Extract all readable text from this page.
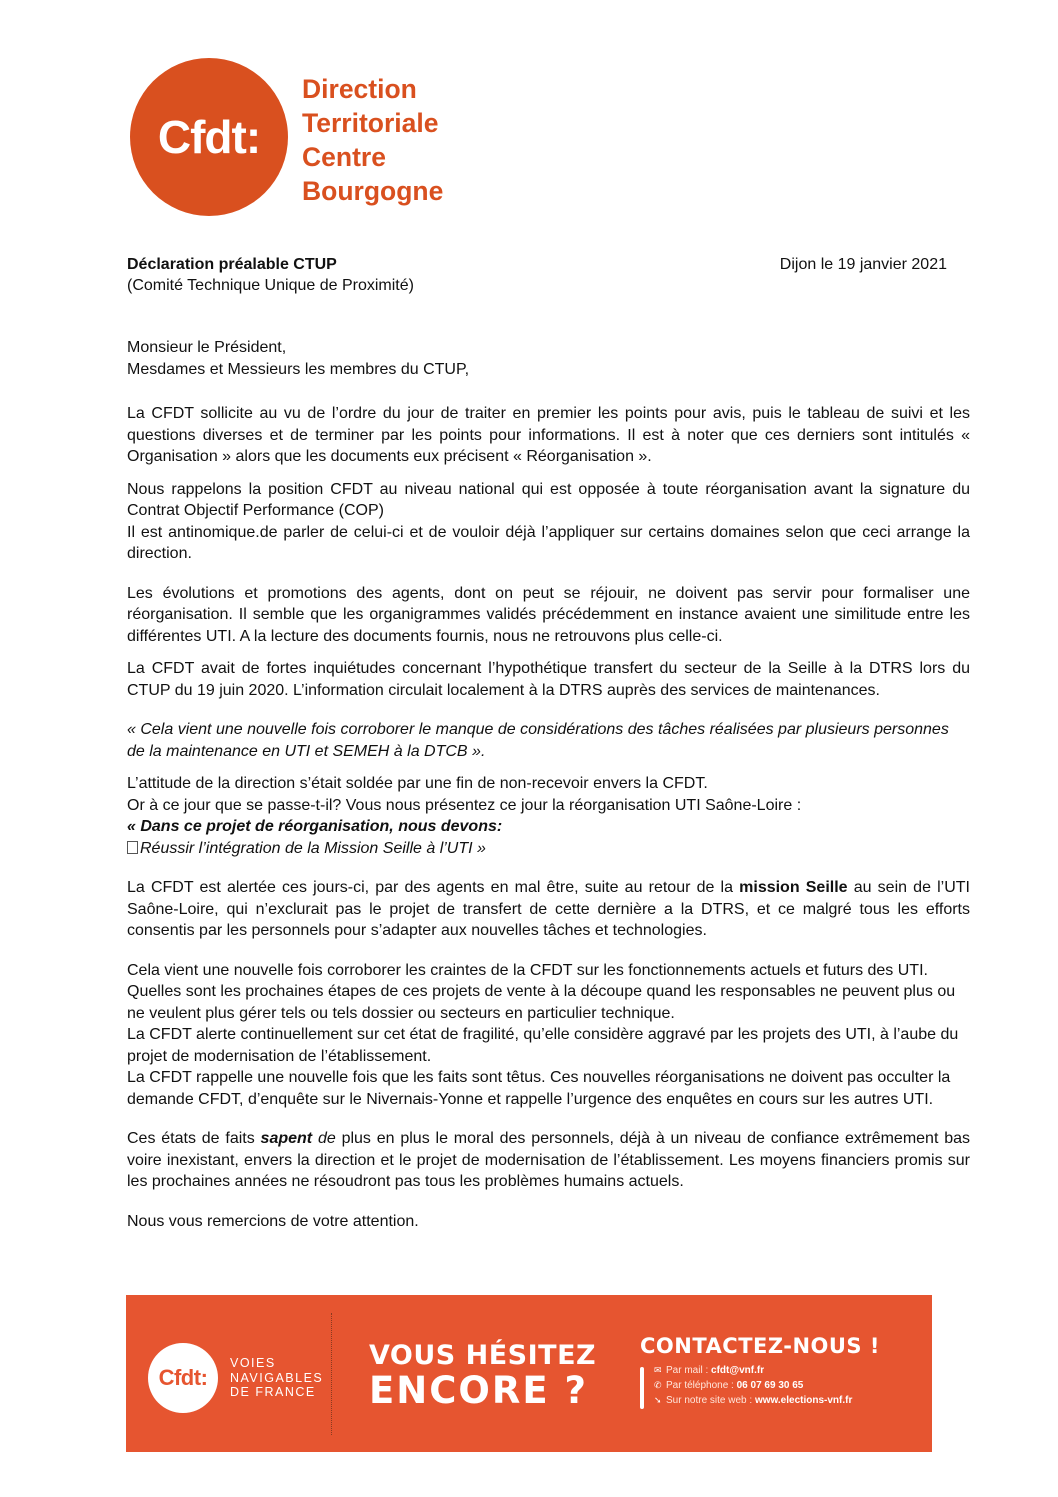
Cfdt:
Direction
Territoriale
Centre
Bourgogne
Déclaration préalable CTUP
(Comité Technique Unique de Proximité)
Dijon le 19 janvier 2021
Monsieur le Président,
Mesdames et Messieurs les membres du CTUP,

La CFDT sollicite au vu de l’ordre du jour de traiter en premier les points pour avis, puis le tableau de suivi et les questions diverses et de terminer par les points pour informations. Il est à noter que ces derniers sont intitulés « Organisation » alors que les documents eux précisent « Réorganisation ».

Nous rappelons la position CFDT au niveau national qui est opposée à toute réorganisation avant la signature du Contrat Objectif Performance (COP)
Il est antinomique.de parler de celui-ci et de vouloir déjà l’appliquer sur certains domaines selon que ceci arrange la direction.

Les évolutions et promotions des agents, dont on peut se réjouir, ne doivent pas servir pour formaliser une réorganisation. Il semble que les organigrammes validés précédemment en instance avaient une similitude entre les différentes UTI. A la lecture des documents fournis, nous ne retrouvons plus celle-ci.

La CFDT avait de fortes inquiétudes concernant l’hypothétique transfert du secteur de la Seille à la DTRS lors du CTUP du 19 juin 2020. L’information circulait localement à la DTRS auprès des services de maintenances.

« Cela vient une nouvelle fois corroborer le manque de considérations des tâches réalisées par plusieurs personnes de la maintenance en UTI et SEMEH à la DTCB ».

L’attitude de la direction s’était soldée par une fin de non-recevoir envers la CFDT.
Or à ce jour que se passe-t-il? Vous nous présentez ce jour la réorganisation UTI Saône-Loire :
« Dans ce projet de réorganisation, nous devons:
Réussir l’intégration de la Mission Seille à l’UTI »

La CFDT est alertée ces jours-ci, par des agents en mal être, suite au retour de la mission Seille au sein de l’UTI Saône-Loire, qui n’exclurait pas le projet de transfert de cette dernière a la DTRS, et ce malgré tous les efforts consentis par les personnels pour s’adapter aux nouvelles tâches et technologies.

Cela vient une nouvelle fois corroborer les craintes de la CFDT sur les fonctionnements actuels et futurs des UTI.
Quelles sont les prochaines étapes de ces projets de vente à la découpe quand les responsables ne peuvent plus ou ne veulent plus gérer tels ou tels dossier ou secteurs en particulier technique.
La CFDT alerte continuellement sur cet état de fragilité, qu’elle considère aggravé par les projets des UTI, à l’aube du projet de modernisation de l’établissement.
La CFDT rappelle une nouvelle fois que les faits sont têtus. Ces nouvelles réorganisations ne doivent pas occulter la demande CFDT, d’enquête sur le Nivernais-Yonne et rappelle l’urgence des enquêtes en cours sur les autres UTI.

Ces états de faits sapent de plus en plus le moral des personnels, déjà à un niveau de confiance extrêmement bas voire inexistant, envers la direction et le projet de modernisation de l’établissement. Les moyens financiers promis sur les prochaines années ne résoudront pas tous les problèmes humains actuels.

Nous vous remercions de votre attention.

Cfdt:
VOIES
NAVIGABLES
DE FRANCE
VOUS HÉSITEZ
ENCORE ?
CONTACTEZ-NOUS !
✉ Par mail : cfdt@vnf.fr
✆ Par téléphone : 06 07 69 30 65
➘ Sur notre site web : www.elections-vnf.fr
